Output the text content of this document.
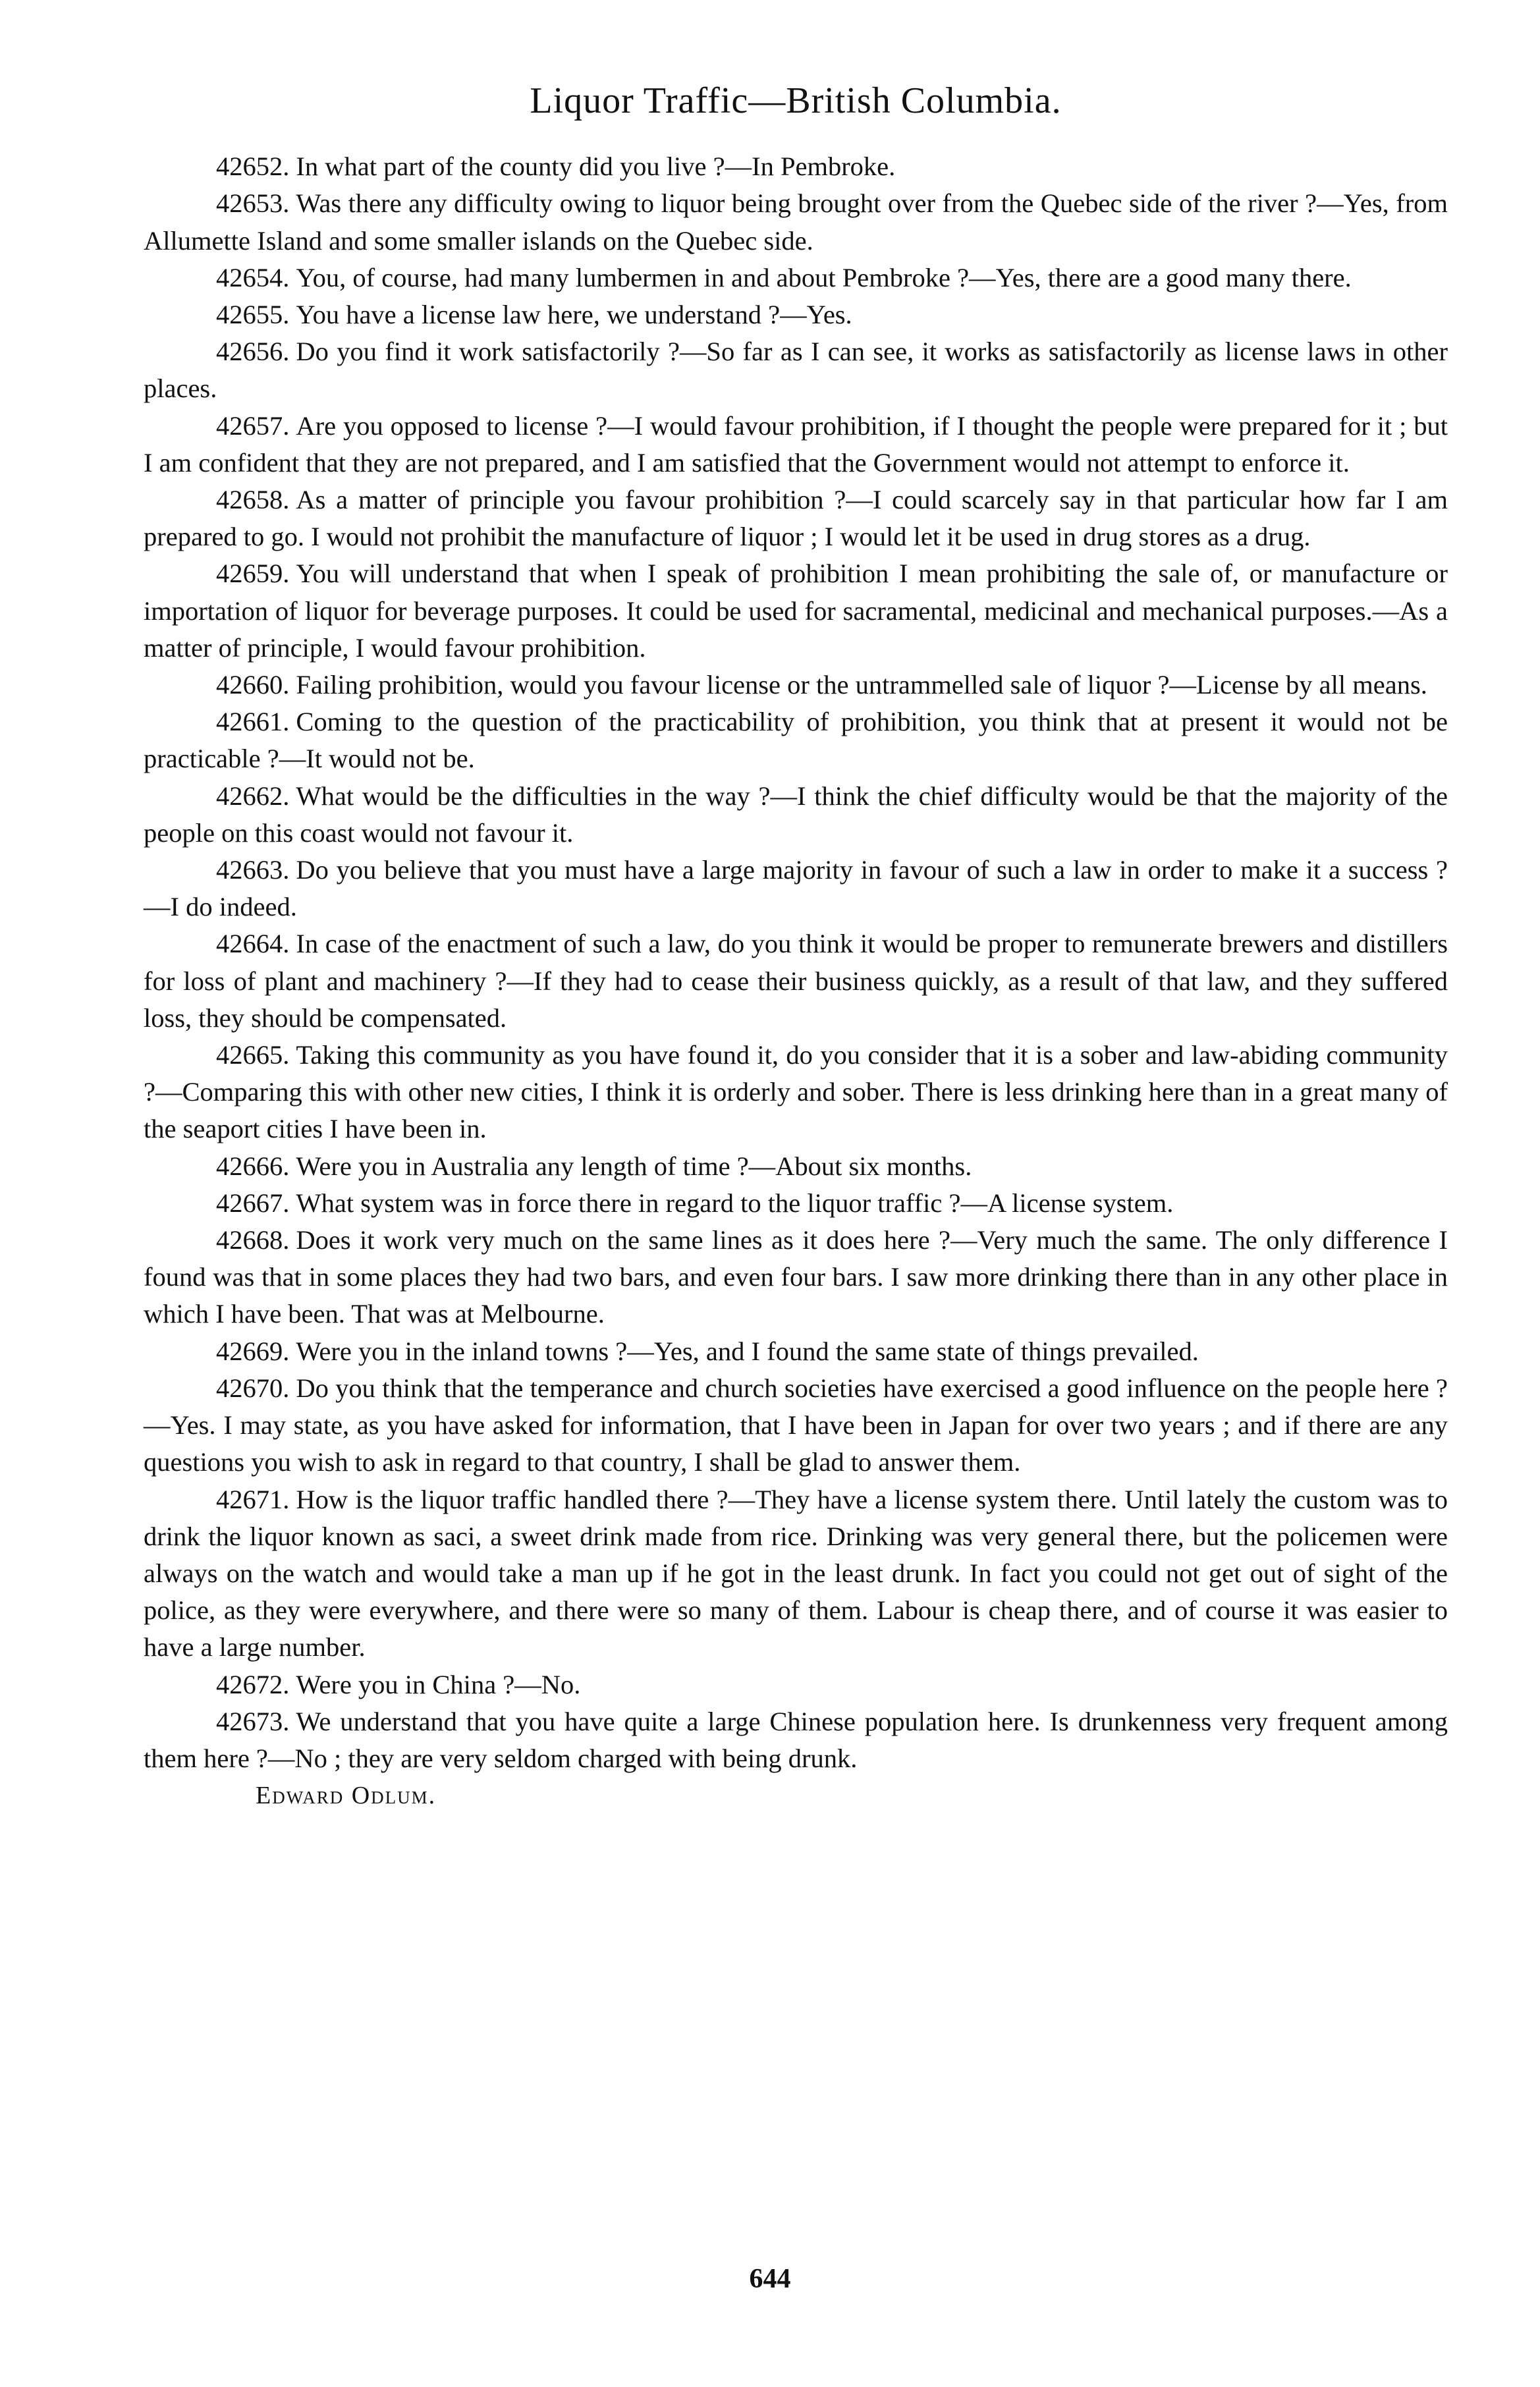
Liquor Traffic—British Columbia.

42652. In what part of the county did you live ?—In Pembroke.

42653. Was there any difficulty owing to liquor being brought over from the Quebec side of the river ?—Yes, from Allumette Island and some smaller islands on the Quebec side.

42654. You, of course, had many lumbermen in and about Pembroke ?—Yes, there are a good many there.

42655. You have a license law here, we understand ?—Yes.

42656. Do you find it work satisfactorily ?—So far as I can see, it works as satisfactorily as license laws in other places.

42657. Are you opposed to license ?—I would favour prohibition, if I thought the people were prepared for it ; but I am confident that they are not prepared, and I am satisfied that the Government would not attempt to enforce it.

42658. As a matter of principle you favour prohibition ?—I could scarcely say in that particular how far I am prepared to go. I would not prohibit the manufacture of liquor ; I would let it be used in drug stores as a drug.

42659. You will understand that when I speak of prohibition I mean prohibiting the sale of, or manufacture or importation of liquor for beverage purposes. It could be used for sacramental, medicinal and mechanical purposes.—As a matter of principle, I would favour prohibition.

42660. Failing prohibition, would you favour license or the untrammelled sale of liquor ?—License by all means.

42661. Coming to the question of the practicability of prohibition, you think that at present it would not be practicable ?—It would not be.

42662. What would be the difficulties in the way ?—I think the chief difficulty would be that the majority of the people on this coast would not favour it.

42663. Do you believe that you must have a large majority in favour of such a law in order to make it a success ?—I do indeed.

42664. In case of the enactment of such a law, do you think it would be proper to remunerate brewers and distillers for loss of plant and machinery ?—If they had to cease their business quickly, as a result of that law, and they suffered loss, they should be compensated.

42665. Taking this community as you have found it, do you consider that it is a sober and law-abiding community ?—Comparing this with other new cities, I think it is orderly and sober. There is less drinking here than in a great many of the seaport cities I have been in.

42666. Were you in Australia any length of time ?—About six months.

42667. What system was in force there in regard to the liquor traffic ?—A license system.

42668. Does it work very much on the same lines as it does here ?—Very much the same. The only difference I found was that in some places they had two bars, and even four bars. I saw more drinking there than in any other place in which I have been. That was at Melbourne.

42669. Were you in the inland towns ?—Yes, and I found the same state of things prevailed.

42670. Do you think that the temperance and church societies have exercised a good influence on the people here ?—Yes. I may state, as you have asked for information, that I have been in Japan for over two years ; and if there are any questions you wish to ask in regard to that country, I shall be glad to answer them.

42671. How is the liquor traffic handled there ?—They have a license system there. Until lately the custom was to drink the liquor known as saci, a sweet drink made from rice. Drinking was very general there, but the policemen were always on the watch and would take a man up if he got in the least drunk. In fact you could not get out of sight of the police, as they were everywhere, and there were so many of them. Labour is cheap there, and of course it was easier to have a large number.

42672. Were you in China ?—No.

42673. We understand that you have quite a large Chinese population here. Is drunkenness very frequent among them here ?—No ; they are very seldom charged with being drunk.

Edward Odlum.
644
